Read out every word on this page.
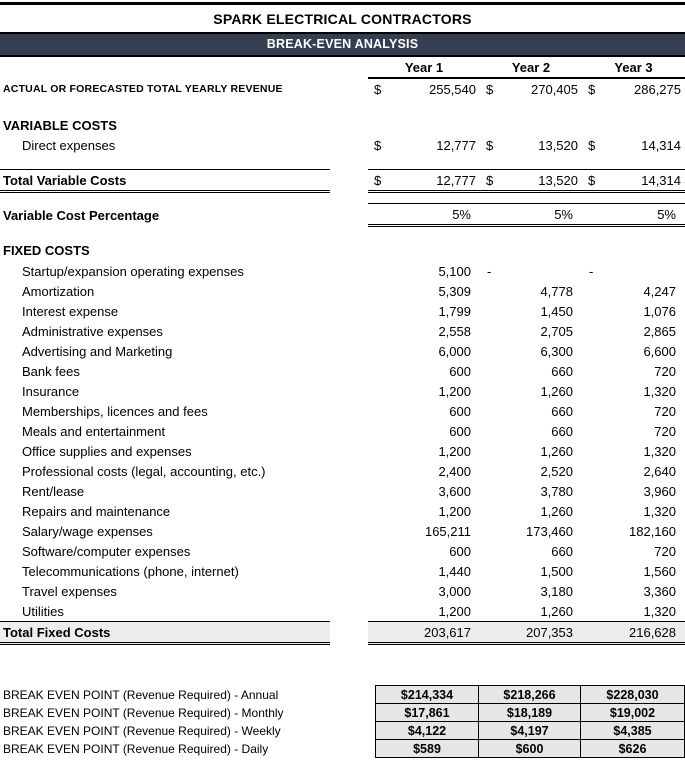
SPARK ELECTRICAL CONTRACTORS
BREAK-EVEN ANALYSIS
Year 1	Year 2	Year 3
ACTUAL OR FORECASTED TOTAL YEARLY REVENUE	$	255,540 $	270,405 $	286,275
VARIABLE COSTS
Direct expenses	$	12,777 $	13,520 $	14,314
Total Variable Costs	$	12,777 $	13,520 $	14,314
Variable Cost Percentage	5%	5%	5%
FIXED COSTS
Startup/expansion operating expenses	5,100	-	-
Amortization	5,309	4,778	4,247
Interest expense	1,799	1,450	1,076
Administrative expenses	2,558	2,705	2,865
Advertising and Marketing	6,000	6,300	6,600
Bank fees	600	660	720
Insurance	1,200	1,260	1,320
Memberships, licences and fees	600	660	720
Meals and entertainment	600	660	720
Office supplies and expenses	1,200	1,260	1,320
Professional costs (legal, accounting, etc.)	2,400	2,520	2,640
Rent/lease	3,600	3,780	3,960
Repairs and maintenance	1,200	1,260	1,320
Salary/wage expenses	165,211	173,460	182,160
Software/computer expenses	600	660	720
Telecommunications (phone, internet)	1,440	1,500	1,560
Travel expenses	3,000	3,180	3,360
Utilities	1,200	1,260	1,320
Total Fixed Costs	203,617	207,353	216,628
BREAK EVEN POINT (Revenue Required) - Annual	$214,334	$218,266	$228,030
BREAK EVEN POINT (Revenue Required) - Monthly	$17,861	$18,189	$19,002
BREAK EVEN POINT (Revenue Required) - Weekly	$4,122	$4,197	$4,385
BREAK EVEN POINT (Revenue Required) - Daily	$589	$600	$626
